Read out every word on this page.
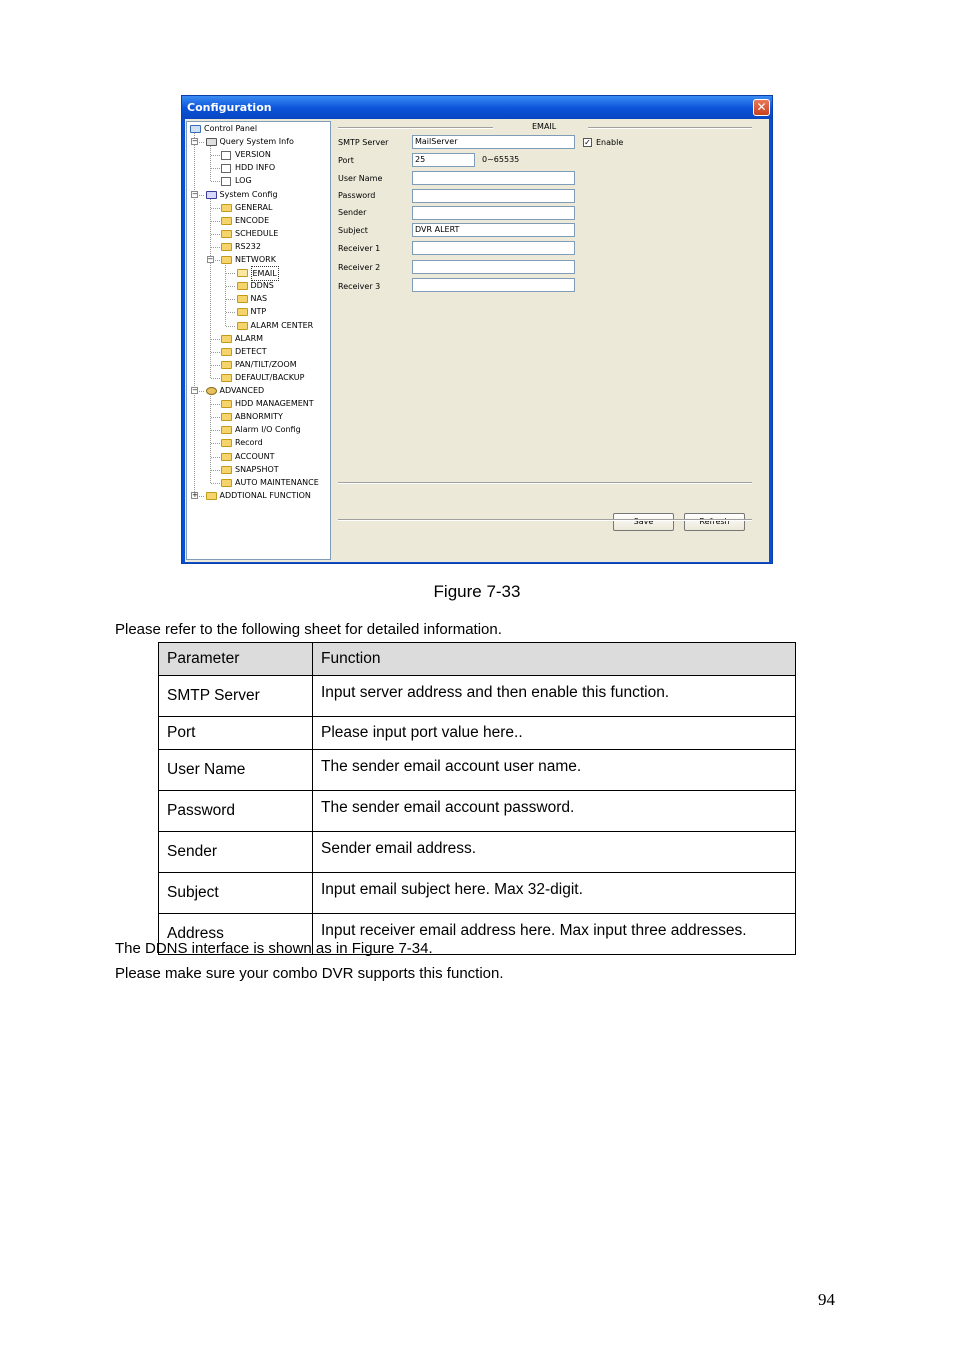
Configuration	✕
Control Panel
−	Query System Info
VERSION
HDD INFO
LOG
−	System Config
GENERAL
ENCODE
SCHEDULE
RS232
−	NETWORK
EMAIL
DDNS
NAS
NTP
ALARM CENTER
ALARM
DETECT
PAN/TILT/ZOOM
DEFAULT/BACKUP
−	ADVANCED
HDD MANAGEMENT
ABNORMITY
Alarm I/O Config
Record
ACCOUNT
SNAPSHOT
AUTO MAINTENANCE
+	ADDTIONAL FUNCTION
EMAIL
SMTP Server	MailServer	✓ Enable
Port	25	0~65535
User Name
Password
Sender
Subject	DVR ALERT
Receiver 1
Receiver 2
Receiver 3
Save	Refresh
Figure 7-33
Please refer to the following sheet for detailed information.
Parameter	Function
SMTP Server	Input server address and then enable this function.
Port	Please input port value here..
User Name	The sender email account user name.
Password	The sender email account password.
Sender	Sender email address.
Subject	Input email subject here. Max 32-digit.
Address	Input receiver email address here. Max input three addresses.
The DDNS interface is shown as in Figure 7-34.
Please make sure your combo DVR supports this function.
94
